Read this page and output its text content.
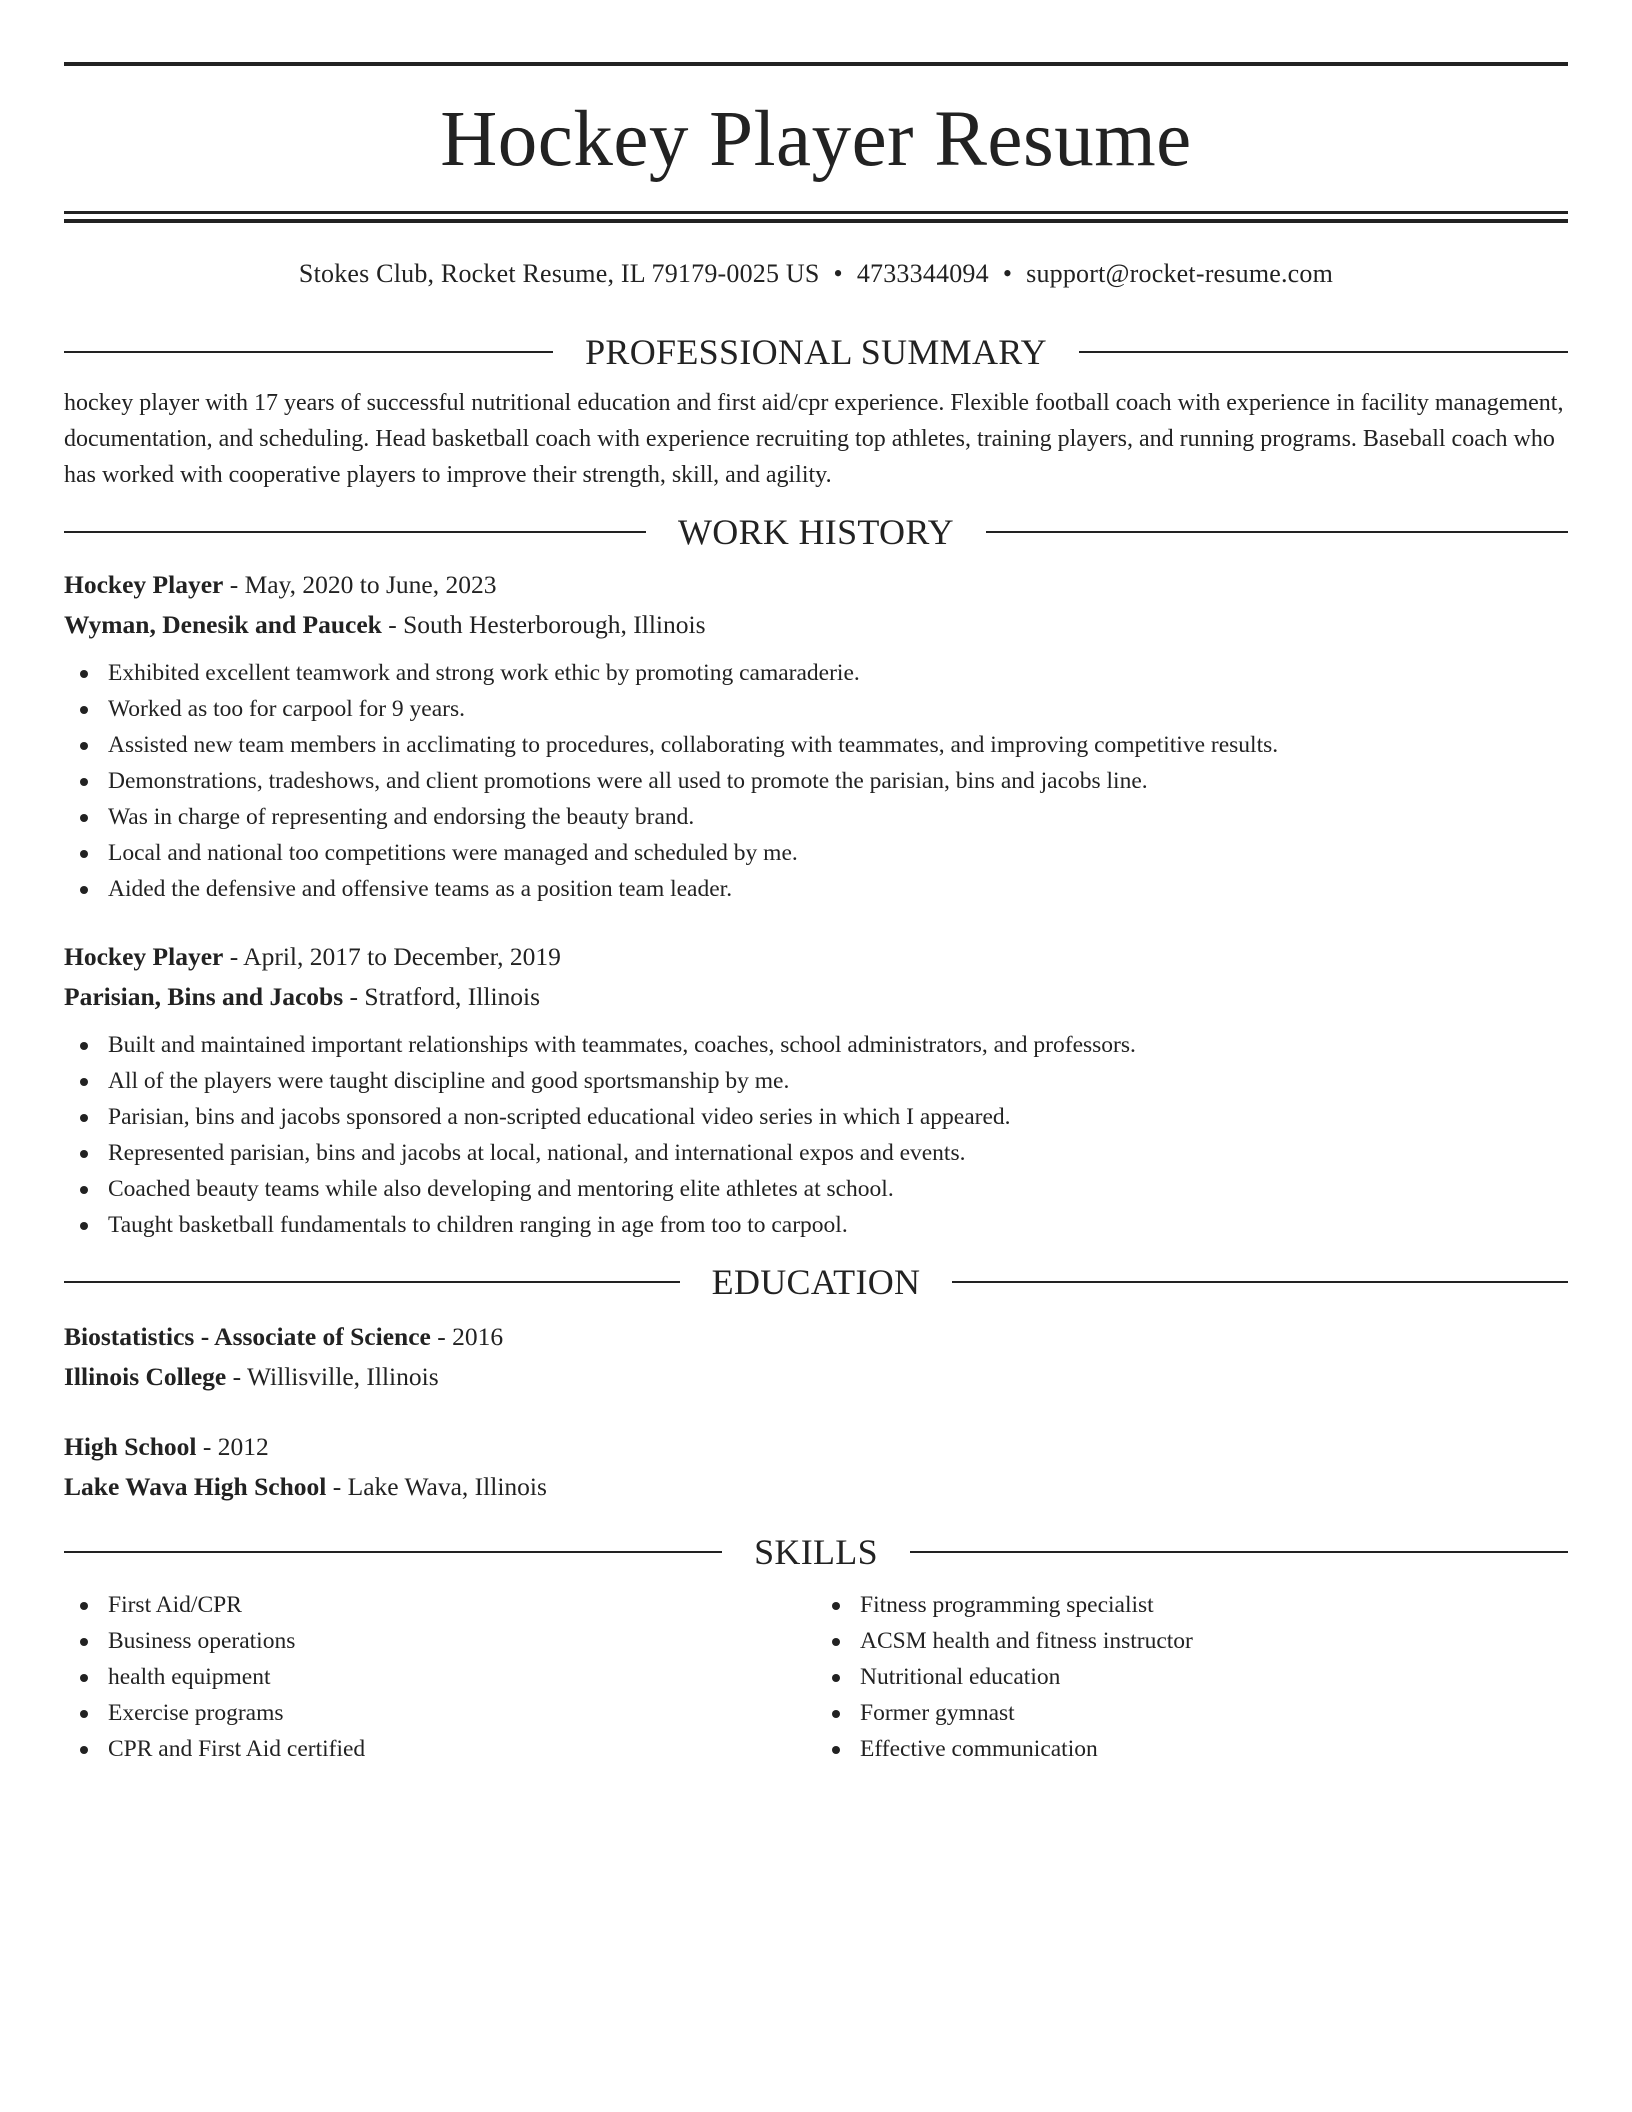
Hockey Player Resume
Stokes Club, Rocket Resume, IL 79179-0025 US • 4733344094 • support@rocket-resume.com
PROFESSIONAL SUMMARY

hockey player with 17 years of successful nutritional education and first aid/cpr experience. Flexible football coach with experience in facility management, documentation, and scheduling. Head basketball coach with experience recruiting top athletes, training players, and running programs. Baseball coach who has worked with cooperative players to improve their strength, skill, and agility.

WORK HISTORY
Hockey Player - May, 2020 to June, 2023
Wyman, Denesik and Paucek - South Hesterborough, Illinois
Exhibited excellent teamwork and strong work ethic by promoting camaraderie.
Worked as too for carpool for 9 years.
Assisted new team members in acclimating to procedures, collaborating with teammates, and improving competitive results.
Demonstrations, tradeshows, and client promotions were all used to promote the parisian, bins and jacobs line.
Was in charge of representing and endorsing the beauty brand.
Local and national too competitions were managed and scheduled by me.
Aided the defensive and offensive teams as a position team leader.
Hockey Player - April, 2017 to December, 2019
Parisian, Bins and Jacobs - Stratford, Illinois
Built and maintained important relationships with teammates, coaches, school administrators, and professors.
All of the players were taught discipline and good sportsmanship by me.
Parisian, bins and jacobs sponsored a non-scripted educational video series in which I appeared.
Represented parisian, bins and jacobs at local, national, and international expos and events.
Coached beauty teams while also developing and mentoring elite athletes at school.
Taught basketball fundamentals to children ranging in age from too to carpool.
EDUCATION
Biostatistics - Associate of Science - 2016
Illinois College - Willisville, Illinois
High School - 2012
Lake Wava High School - Lake Wava, Illinois
SKILLS
First Aid/CPR
Business operations
health equipment
Exercise programs
CPR and First Aid certified
Fitness programming specialist
ACSM health and fitness instructor
Nutritional education
Former gymnast
Effective communication
